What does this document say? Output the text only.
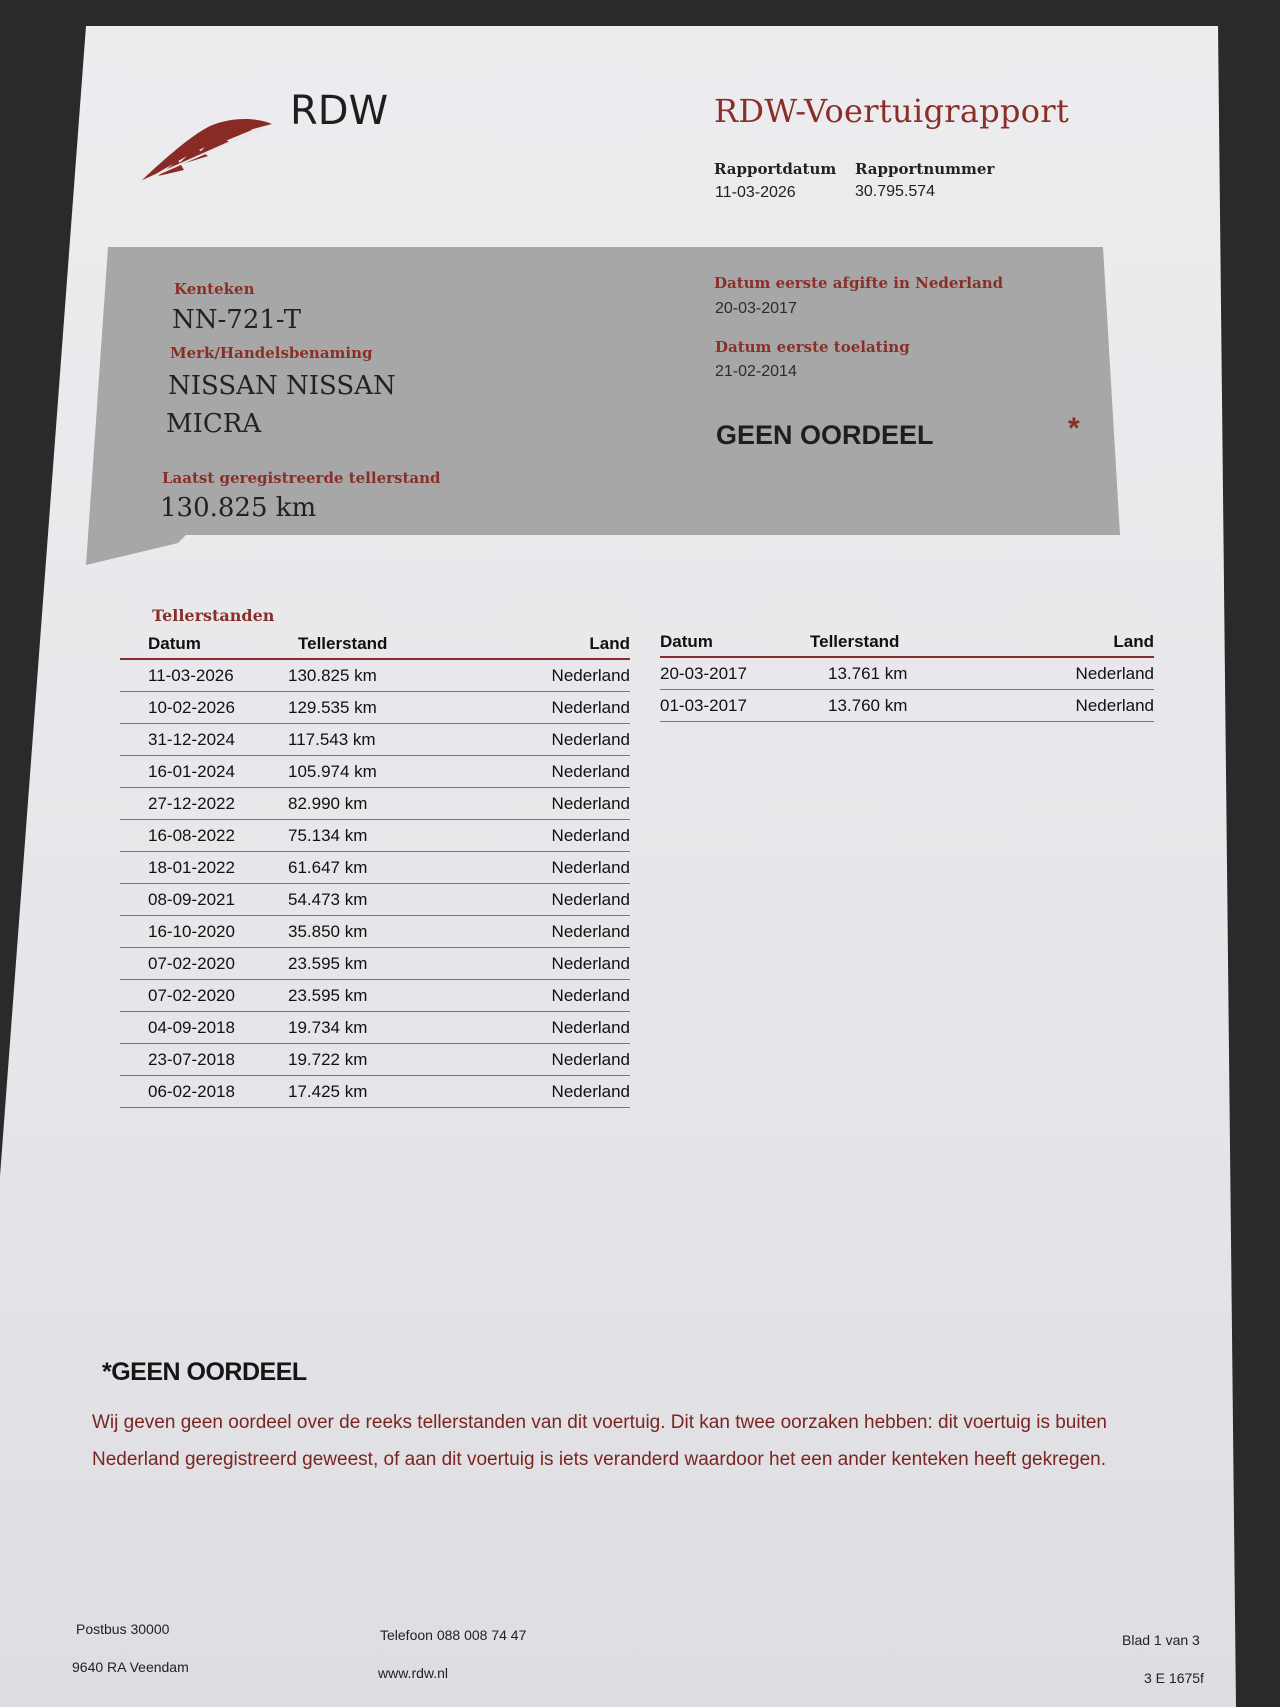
RDW	RDW-Voertuigrapport
Rapportdatum
11-03-2026
Rapportnummer
30.795.574
Kenteken
NN-721-T
Merk/Handelsbenaming
NISSAN NISSAN
MICRA
Laatst geregistreerde tellerstand
130.825 km
Datum eerste afgifte in Nederland
20-03-2017
Datum eerste toelating
21-02-2014
GEEN OORDEEL	*
Tellerstanden
Datum	Tellerstand	Land
11-03-2026	130.825 km	Nederland
10-02-2026	129.535 km	Nederland
31-12-2024	117.543 km	Nederland
16-01-2024	105.974 km	Nederland
27-12-2022	82.990 km	Nederland
16-08-2022	75.134 km	Nederland
18-01-2022	61.647 km	Nederland
08-09-2021	54.473 km	Nederland
16-10-2020	35.850 km	Nederland
07-02-2020	23.595 km	Nederland
07-02-2020	23.595 km	Nederland
04-09-2018	19.734 km	Nederland
23-07-2018	19.722 km	Nederland
06-02-2018	17.425 km	Nederland
Datum	Tellerstand	Land
20-03-2017	13.761 km	Nederland
01-03-2017	13.760 km	Nederland
*GEEN OORDEEL
Wij geven geen oordeel over de reeks tellerstanden van dit voertuig. Dit kan twee oorzaken hebben: dit voertuig is buiten Nederland geregistreerd geweest, of aan dit voertuig is iets veranderd waardoor het een ander kenteken heeft gekregen.
Postbus 30000
9640 RA Veendam
Telefoon 088 008 74 47
www.rdw.nl
Blad 1 van 3
3 E 1675f
